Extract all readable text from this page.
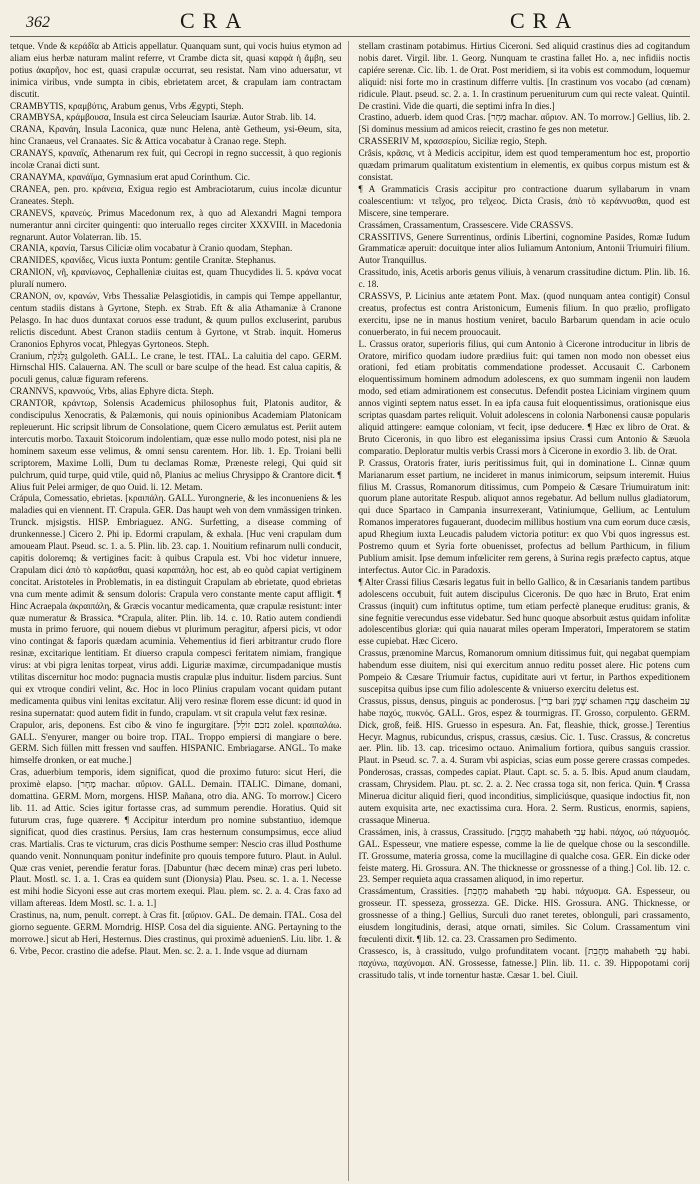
362	CRA	CRA

tetque. Vnde & κεράδῖα ab Atticis appellatur. Quanquam sunt, qui vocis huius etymon ad aliam eius herbæ naturam malint referre, vt Crambe dicta sit, quasi καρφὰ ἡ ἄμβη, seu potius ἀκαρῆον, hoc est, quasi crapulæ occurrat, seu resistat. Nam vino aduersatur, vt inimica viribus, vnde sumpta in cibis, ebrietatem arcet, & crapulam iam contractam discutit.

CRAMBYTIS, κραμβύτις, Arabum genus, Vrbs Ægypti, Steph.

CRAMBYSA, κράμβουσα, Insula est circa Seleuciam Isauriæ. Autor Strab. lib. 14.

CRANA, Κρανάη, Insula Laconica, quæ nunc Helena, antè Gethеum, ysi-Θeum, sita, hinc Cranaeus, vel Cranaates. Sic & Attica vocabatur à Cranao rege. Steph.

CRANAYS, κραναΐς, Athenarum rex fuit, qui Cecropi in regno successit, à quo regionis incolæ Cranai dicti sunt.

CRANAYMA, κρανάϊμα, Gymnasium erat apud Corinthum. Cic.

CRANEA, pen. pro. κράνεια, Exigua regio est Ambraciotarum, cuius incolæ dicuntur Craneates. Steph.

CRANEVS, κρανεύς. Primus Macedonum rex, à quo ad Alexandri Magni tempora numerantur anni circiter quingenti: quo interuallo reges circiter XXXVIII. in Macedonia regnarunt. Autor Volaterran. lib. 15.

CRANIA, κρανία, Tarsus Ciliciæ olim vocabatur à Cranio quodam, Stephan.

CRANIDES, κρανίδες, Vicus iuxta Pontum: gentile Cranitæ. Stephanus.

CRANION, νῆ, κρανίωνος, Cephalleniæ ciuitas est, quam Thucydides li. 5. κράνα vocat pluralí numero.

CRANON, ον, κρανών, Vrbs Thessaliæ Pelasgiotidis, in campis qui Tempe appellantur, centum stadiis distans à Gyrtone, Steph. ex Strab. Eft & alia Athamaniæ à Cranone Pelasgo. In hac duos duntaxat coruos esse tradunt, & quum pullos excluserint, parubus relictis discedunt. Abest Cranon stadiis centum à Gyrtone, vt Strab. inquit. Homerus Cranonios Ephyros vocat, Phlegyas Gyrtoneos. Steph.

Cranium, גֻּלְגֹּלֶת gulgoleth. GALL. Le crane, le test. ITAL. La caluitia del capo. GERM. Hirnschal HIS. Calauerna. AN. The scull or bare sculpe of the head. Est calua capitis, & poculi genus, caluæ figuram referens.

CRANNVS, κραννούς, Vrbs, alias Ephyre dicta. Steph.

CRANTOR, κράντωρ, Solensis Academicus philosophus fuit, Platonis auditor, & condiscipulus Xenocratis, & Palæmonis, qui nouis opinionibus Academiam Platonicam repleuerunt. Hic scripsit librum de Consolatione, quem Cicero æmulatus est. Periit autem intercutis morbo. Taxauit Stoicorum indolentiam, quæ esse nullo modo potest, nisi pla ne hominem saxeum esse velimus, & omni sensu carentem. Hor. lib. 1. Ep. Troiani belli scriptorem, Maxime Lolli, Dum tu declamas Romæ, Præneste relegi, Qui quid sit pulchrum, quid turpe, quid vtile, quid nô, Planius ac melius Chrysippo & Crantore dicit. ¶ Alius fuit Pelei armiger, de quo Ouid. li. 12. Metam.

Crápula, Comessatio, ebrietas. [κραιπάλη. GALL. Yurongnerie, & les inconueniens & les maladies qui en viennent. IT. Crapula. GER. Das haupt weh von dem vnmässigen trinken. Trunck. mjsigstis. HISP. Embriaguez. ANG. Surfetting, a disease comming of drunkennesse.] Cicero 2. Phi ip. Edormi crapulam, & exhala. [Huc veni crapulam dum amoueam Plaut. Pseud. sc. 1. a. 5. Plin. lib. 23. cap. 1. Nouitium refinarum nulli conducit, capitis doloremq; & vertigines facit: à quibus Crapula est. Vbi hoc videtur innuere, Crapulam dici ἀπὸ τὸ καράσθαι, quasi καραπάλη, hoc est, ab eo quòd capiat vertiginem concitat. Aristoteles in Problematis, in ea distinguit Crapulam ab ebrietate, quod ebrietas vna cum mente adimit & sensum doloris: Crapula vero constante mente caput affligit. ¶ Hinc Acraepala ἀκραιπάλη, & Græcis vocantur medicamenta, quæ crapulæ resistunt: inter quæ numeratur & Brassica. *Crapula, aliter. Plin. lib. 14. c. 10. Ratio autem condiendi musta in primo feruore, qui nouem diebus vt plurimum peragitur, afpersi picis, vt odor vino contingat & faporis quædam acuminia. Vehementius id fieri arbitrantur crudo flore resinæ, excitarique lentitiam. Et diuerso crapula compesci feritatem nimiam, frangique virus: at vbi pigra lenitas torpeat, virus addi. Liguriæ maximæ, circumpadanique mustis vtilitas discernitur hoc modo: pugnacia mustis crapulæ plus induitur. Iisdem parcius. Sunt qui ex vtroque condiri velint, &c. Hoc in loco Plinius crapulam vocant quidam putant medicamenta quibus vini lenitas excitatur. Alij vero resinæ florem esse dicunt: id quod in resina supernatat: quod autem fidit in fundo, crapulam. vt sit crapula velut fæx resinæ.

Crapulor, aris, deponens. Est cibo & vino fe ingurgitare. [נזבם זוֹלֵל zolel. κραιπαλάω. GALL. S'enyurer, manger ou boire trop. ITAL. Troppo empiersi di mangiare o bere. GERM. Sich füllen mitt fressen vnd sauffen. HISPANIC. Embriagarse. ANGL. To make himselfe dronken, or eat muche.]

Cras, aduerbium temporis, idem significat, quod die proximo futuro: sicut Heri, die proximè elapso. [מָחָר machar. αὔριον. GALL. Demain. ITALIC. Dimane, domani, domattina. GERM. Morn, morgens. HISP. Mañana, otro dia. ANG. To morrow.] Cicero lib. 11. ad Attic. Scies igitur fortasse cras, ad summum perendie. Horatius. Quid sit futurum cras, fuge quærere. ¶ Accipitur interdum pro nomine substantiuo, idemque significat, quod dies crastinus. Persius, Iam cras hesternum consumpsimus, ecce aliud cras. Martialis. Cras te victurum, cras dicis Posthume semper: Nescio cras illud Posthume quando venit. Nonnunquam ponitur indefinite pro quouis tempore futuro. Plaut. in Aulul. Quæ cras veniet, perendie feratur foras. [Dabuntur (hæc decem minæ) cras peri lubeto. Plaut. Mostl. sc. 1. a. 1. Cras ea quidem sunt (Dionysia) Plau. Pseu. sc. 1. a. 1. Necesse est mihi hodie Sicyoni esse aut cras mortem exequi. Plau. plem. sc. 2. a. 4. Cras faxo ad villam aftereas. Idem Mostl. sc. 1. a. 1.]

Crastinus, na, num, penult. corrept. à Cras fit. [αὔριον. GAL. De demain. ITAL. Cosa del giorno seguente. GERM. Morndrig. HISP. Cosa del dia siguiente. ANG. Pertayning to the morrowe.] sicut ab Heri, Hesternus. Dies crastinus, qui proximè aduenienS. Liu. libr. 1. & 6. Vrbe, Pecor. crastino die adefse. Plaut. Men. sc. 2. a. 1. Inde vsque ad diurnam

stellam crastinam potabimus. Hirtius Ciceroni. Sed aliquid crastinus dies ad cogitandum nobis daret. Virgil. libr. 1. Georg. Nunquam te crastina fallet Ho. a, nec infidiis noctis capiére serenæ. Cic. lib. 1. de Orat. Post meridiem, si ita vobis est commodum, loquemur aliquid: nisi forte mo in crastinum differre vultis. [In crastinum vos vocabo (ad cœnam) ridicule. Plaut. pseud. sc. 2. a. 1. In crastinum perueniturum cum qui recte valeat. Quintil. De crastini. Vide die quarti, die septimi infra In dies.]

Crastino, aduerb. idem quod Cras. [מָחָר machar. αὔριον. AN. To morrow.] Gellius, lib. 2. [Si dominus messium ad amicos reiecit, crastino fe ges non metetur.

CRASSERIV M, κρασσερίου, Siciliæ regio, Steph.

Crâsis, κρᾶσις, vt à Medicis accipitur, idem est quod temperamentum hoc est, proportio quædam primarum qualitatum existentium in elementis, ex quibus corpus mistum est & consistat.

¶ A Grammaticis Crasis accipitur pro contractione duarum syllabarum in vnam coalescentium: vt τεῖχος, pro τεῖχεος. Dicta Crasis, ἀπὸ τὸ κεράννυσθαι, quod est Miscere, sine temperare.

Crassámen, Crassamentum, Crassescere. Vide CRASSVS.

CRASSITIVS, Genere Surrentinus, ordinis Libertini, cognomine Pasides, Romæ Iudum Grammaticæ aperuit: docuitque inter alios Iuliamum Antonium, Antonii Triumuiri filium. Autor Tranquillus.

Crassitudo, inis, Acetis arboris genus viliuis, à venarum crassitudine dictum. Plin. lib. 16. c. 18.

CRASSVS, P. Licinius ante ætatem Pont. Max. (quod nunquam antea contigit) Consul creatus, profectus est contra Aristonicum, Eumenis filium. In quo prælio, profligato exercitu, ipse ne in manus hostium veniret, baculo Barbarum quendam in acie oculo conuerberato, in fui necem prouocauit.

L. Crassus orator, superioris filius, qui cum Antonio à Cicerone introducitur in libris de Oratore, mirifico quodam iudore prædiius fuit: qui tamen non modo non obesset eius orationi, fed etiam probitatis commendatione prodesset. Accusauit C. Carbonem eloquentissimum hominem admodum adolescens, ex quo summam ingenii non laudem modo, sed etiam admirationem est consecutus. Defendit postea Liciniam virginem quum annos viginti septem natus esset. In ea ipfa causa fuit eloquentissimus, orationisque eius scriptas quasdam partes reliquit. Voluit adolescens in colonia Narbonensi causæ popularis aliquid attingere: eamque coloniam, vt fecit, ipse deducere. ¶ Hæc ex libro de Orat. & Bruto Ciceronis, in quo libro est eleganissima ipsius Crassi cum Antonio & Sæuola comparatio. Deploratur multis verbis Crassi mors à Cicerone in exordio 3. lib. de Orat.

P. Crassus, Oratoris frater, iuris peritissimus fuit, qui in dominatione L. Cinnæ quum Marianarum esset partium, ne incideret in manus inimicorum, seipsum interemit. Huius filius M. Crassus, Romanorum ditissimus, cum Pompeio & Cæsare Triumuiratum init: quorum plane autoritate Respub. aliquot annos regebatur. Ad bellum nullus gladiatorum, qui duce Spartaco in Campania insurrexerant, Vatiniumque, Gellium, ac Lentulum Romanos imperatores fugauerant, duodecim millibus hostium vna cum eorum duce cæsis, apud Rhegium iuxta Leucadis paludem victoria potitur: ex quo Vbi quos ingressus est. Postremo quum et Syria forte obuenisset, profectus ad bellum Parthicum, in filium Publium amisit. Ipse demum infœliciter rem gerens, à Surina regis præfecto captus, atque interfectus. Autor Cic. in Paradoxis.

¶ Alter Crassi filius Cæsaris legatus fuit in bello Gallico, & in Cæsarianis tandem partibus adolescens occubuit, fuit autem discipulus Ciceronis. De quo hæc in Bruto, Erat enim Crassus (inquit) cum inftitutus optime, tum etiam perfectè planeque eruditus: granis, & sine fegnitie verecundus esse videbatur. Sed hunc quoque absorbuit æstus quidam infolitæ adolescentibus gloriæ: qui quia nauarat miles operam Imperatori, Imperatorem se statim esse cupiebat. Hæc Cicero.

Crassus, prænomine Marcus, Romanorum omnium ditissimus fuit, qui negabat quempiam habendum esse diuitem, nisi qui exercitum annuo reditu posset alere. Hic potens cum Pompeio & Cæsare Triumuir factus, cupiditate auri vt fertur, in Parthos expeditionem suscepitsa quibus ipse cum filio adolescente & vniuerso exercitu deletus est.

Crassus, pissus, densus, pinguis ac ponderosus. [בָּרִי bari שֶׁמֶן schamen עָבֶה dascheim עַב habe παχύς, πυκνός. GALL. Gros, espez & tourmigras. IT. Grosso, corpulento. GERM. Dick, groß, feiß. HIS. Gruesso in espesura. An. Fat, fleashie, thick, grosse.] Terentius Hecyr. Magnus, rubicundus, crispus, crassus, cæsius. Cic. 1. Tusc. Crassus, & concretus aer. Plin. lib. 13. cap. tricesimo octauo. Animalium fortiora, quibus sanguis crassior. Plaut. in Pseud. sc. 7. a. 4. Suram vbi aspicias, scias eum posse gerere crassas compedes. Ponderosas, crassas, compedes capiat. Plaut. Capt. sc. 5. a. 5. Ibis. Apud anum claudam, crassam, Chrysidem. Plau. pt. sc. 2. a. 2. Nec crassa toga sit, non ferica. Quin. ¶ Crassa Minerua dicitur aliquid fieri, quod inconditius, simpliciúsque, quasique indoctius fit, non autem exquisita arte, nec exactissima cura. Hora. 2. Serm. Rusticus, enormis, sapiens, crassaque Minerua.

Crassámen, inis, à crassus, Crassitudo. [מַחֲבֵת mahabeth עָבִי habi. πάχος, ωύ πάχυσμός. GAL. Espesseur, vne matiere espesse, comme la lie de quelque chose ou la sescondille. IT. Grossume, materia grossa, come la mucillagine di qualche cosa. GER. Ein dicke oder feiste materg. Hi. Grossura. AN. The thicknesse or grossnesse of a thing.] Col. lib. 12. c. 23. Semper requieta aqua crassamen aliquod, in imo repertur.

Crassámentum, Crassities. [מַחֲבֵת mahabeth עָבִי habi. πάχυσμα. GA. Espesseur, ou grosseur. IT. spesseza, grossezza. GE. Dicke. HIS. Grossura. ANG. Thicknesse, or grossnesse of a thing.] Gellius, Surculi duo ranet teretes, oblonguli, pari crassamento, eiusdem longitudinis, derasi, atque ornati, similes. Sic Colum. Crassamentum vini fœculenti dixit. ¶ lib. 12. ca. 23. Crassamen pro Sedimento.

Crassesco, is, à crassitudo, vulgo profunditatem vocant. [מַחֲבֵת mahabeth עָבִי habi. παχύνω, παχύνομαι. AN. Grossesse, fatnesse.] Plin. lib. 11. c. 39. Hippopotami corij crassitudo talis, vt inde tornentur hastæ. Cæsar 1. bel. Ciuil.
